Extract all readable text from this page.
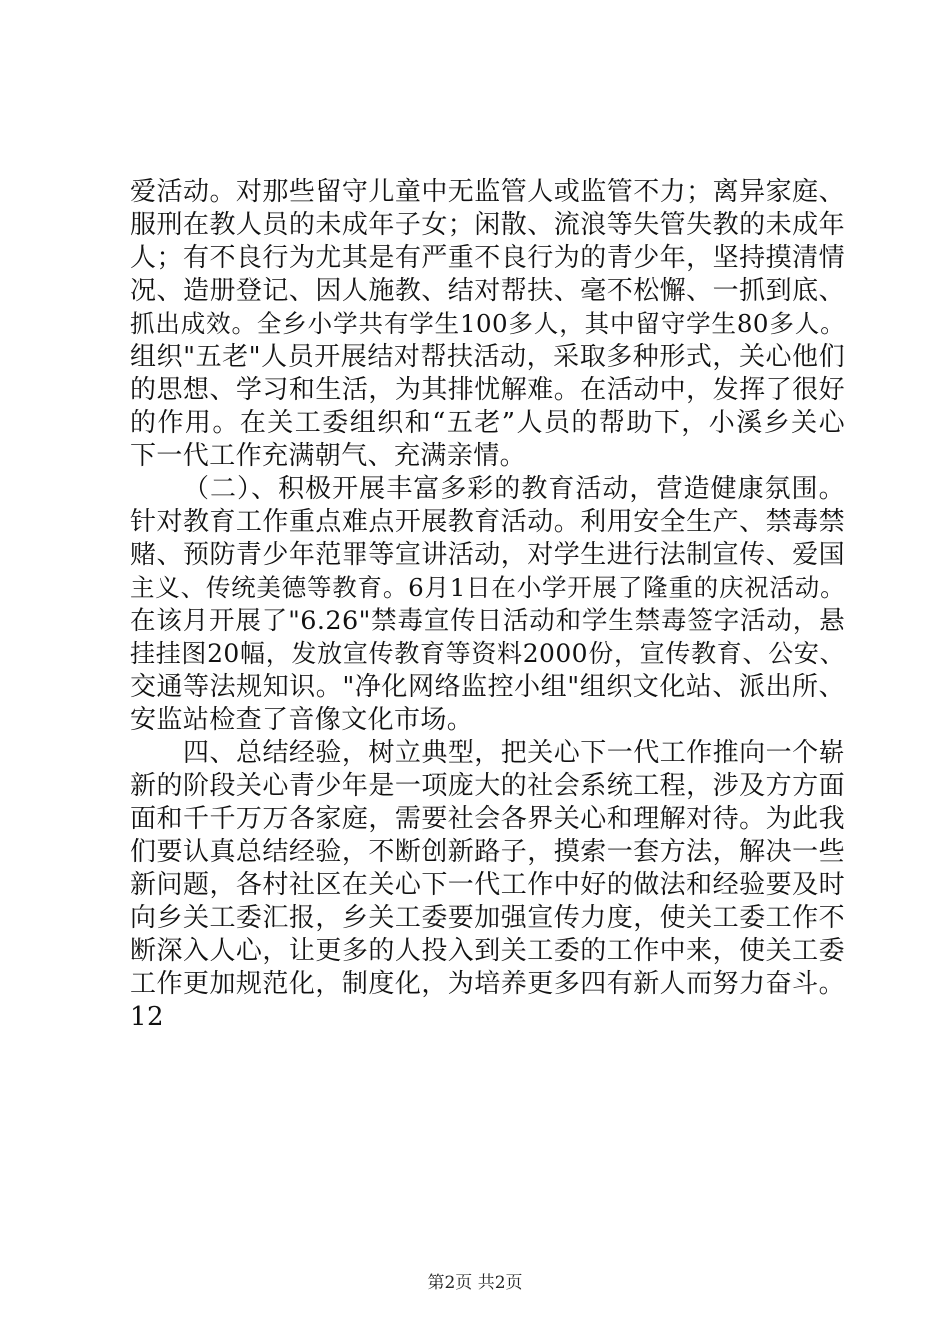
爱活动。对那些留守儿童中无监管人或监管不力；离异家庭、
服刑在教人员的未成年子女；闲散、流浪等失管失教的未成年
人；有不良行为尤其是有严重不良行为的青少年，坚持摸清情
况、造册登记、因人施教、结对帮扶、毫不松懈、一抓到底、
抓出成效。全乡小学共有学生100多人，其中留守学生80多人。
组织"五老"人员开展结对帮扶活动，采取多种形式，关心他们
的思想、学习和生活，为其排忧解难。在活动中，发挥了很好
的作用。在关工委组织和“五老”人员的帮助下，小溪乡关心
下一代工作充满朝气、充满亲情。
（二）、积极开展丰富多彩的教育活动，营造健康氛围。
针对教育工作重点难点开展教育活动。利用安全生产、禁毒禁
赌、预防青少年范罪等宣讲活动，对学生进行法制宣传、爱国
主义、传统美德等教育。6月1日在小学开展了隆重的庆祝活动。
在该月开展了"6.26"禁毒宣传日活动和学生禁毒签字活动，悬
挂挂图20幅，发放宣传教育等资料2000份，宣传教育、公安、
交通等法规知识。"净化网络监控小组"组织文化站、派出所、
安监站检查了音像文化市场。
四、总结经验，树立典型，把关心下一代工作推向一个崭
新的阶段关心青少年是一项庞大的社会系统工程，涉及方方面
面和千千万万各家庭，需要社会各界关心和理解对待。为此我
们要认真总结经验，不断创新路子，摸索一套方法，解决一些
新问题，各村社区在关心下一代工作中好的做法和经验要及时
向乡关工委汇报，乡关工委要加强宣传力度，使关工委工作不
断深入人心，让更多的人投入到关工委的工作中来，使关工委
工作更加规范化，制度化，为培养更多四有新人而努力奋斗。
12
第2页 共2页
